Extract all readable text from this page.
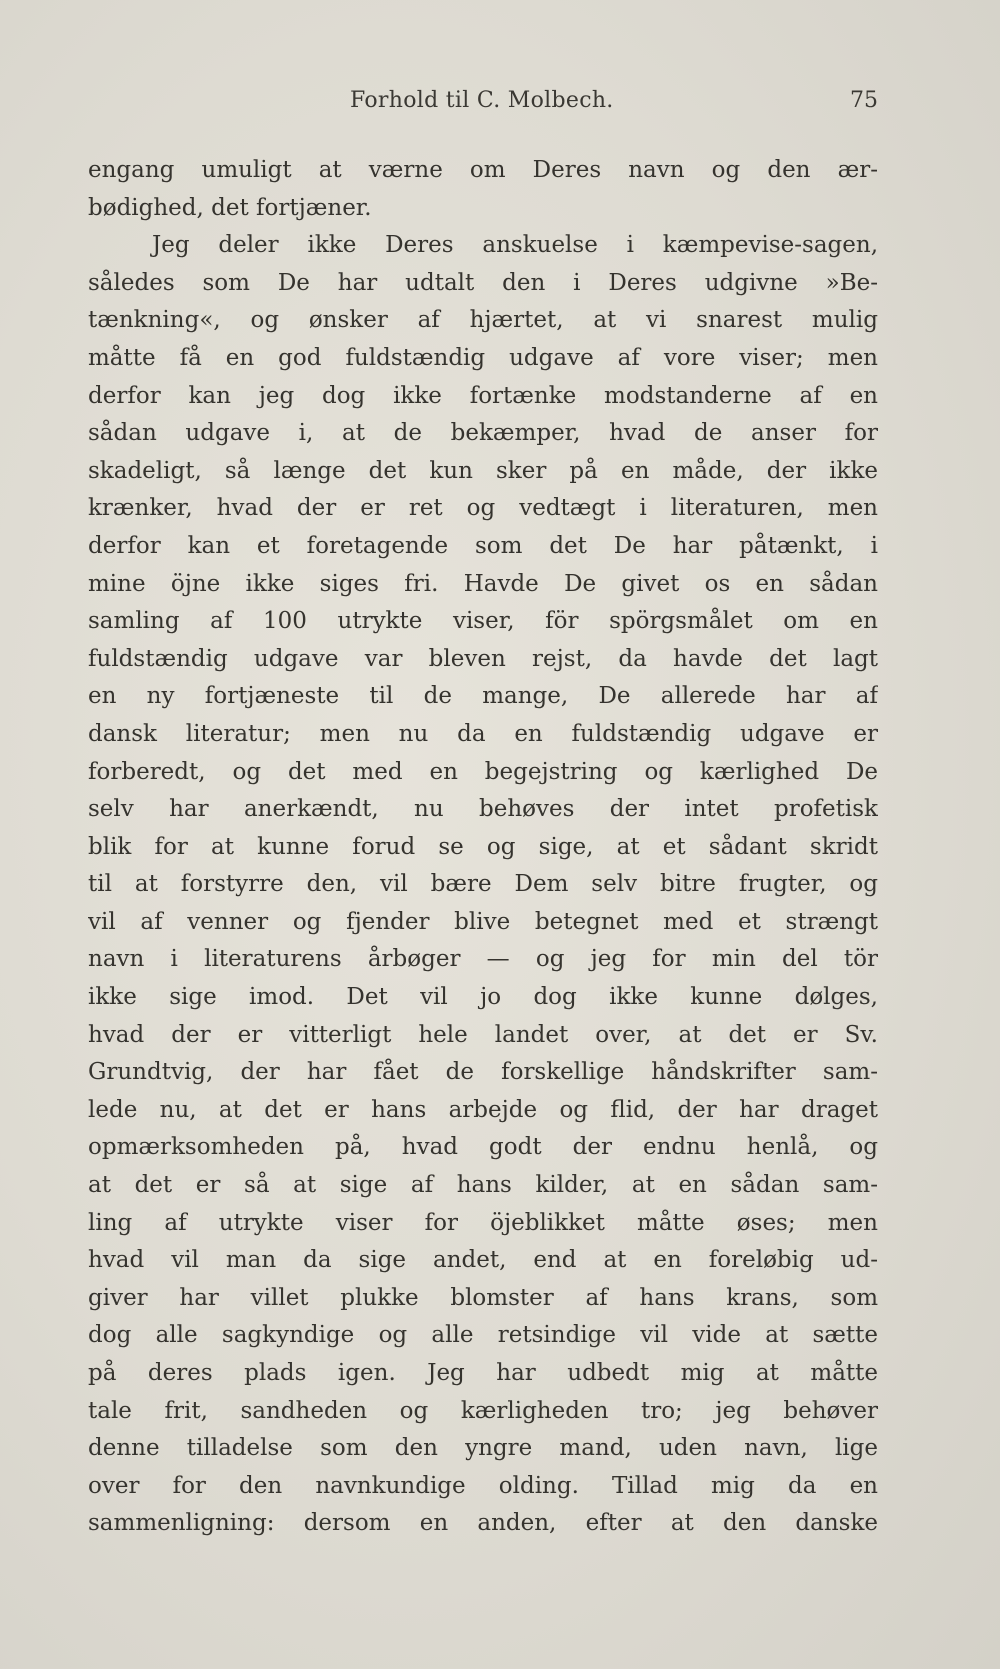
Forhold til C. Molbech.	75
engang umuligt at værne om Deres navn og den ær-
bødighed, det fortjæner.
Jeg deler ikke Deres anskuelse i kæmpevise-sagen,
således som De har udtalt den i Deres udgivne »Be-
tænkning«, og ønsker af hjærtet, at vi snarest mulig
måtte få en god fuldstændig udgave af vore viser; men
derfor kan jeg dog ikke fortænke modstanderne af en
sådan udgave i, at de bekæmper, hvad de anser for
skadeligt, så længe det kun sker på en måde, der ikke
krænker, hvad der er ret og vedtægt i literaturen, men
derfor kan et foretagende som det De har påtænkt, i
mine öjne ikke siges fri. Havde De givet os en sådan
samling af 100 utrykte viser, för spörgsmålet om en
fuldstændig udgave var bleven rejst, da havde det lagt
en ny fortjæneste til de mange, De allerede har af
dansk literatur; men nu da en fuldstændig udgave er
forberedt, og det med en begejstring og kærlighed De
selv har anerkændt, nu behøves der intet profetisk
blik for at kunne forud se og sige, at et sådant skridt
til at forstyrre den, vil bære Dem selv bitre frugter, og
vil af venner og fjender blive betegnet med et strængt
navn i literaturens årbøger — og jeg for min del tör
ikke sige imod. Det vil jo dog ikke kunne dølges,
hvad der er vitterligt hele landet over, at det er Sv.
Grundtvig, der har fået de forskellige håndskrifter sam-
lede nu, at det er hans arbejde og flid, der har draget
opmærksomheden på, hvad godt der endnu henlå, og
at det er så at sige af hans kilder, at en sådan sam-
ling af utrykte viser for öjeblikket måtte øses; men
hvad vil man da sige andet, end at en foreløbig ud-
giver har villet plukke blomster af hans krans, som
dog alle sagkyndige og alle retsindige vil vide at sætte
på deres plads igen. Jeg har udbedt mig at måtte
tale frit, sandheden og kærligheden tro; jeg behøver
denne tilladelse som den yngre mand, uden navn, lige
over for den navnkundige olding. Tillad mig da en
sammenligning: dersom en anden, efter at den danske
